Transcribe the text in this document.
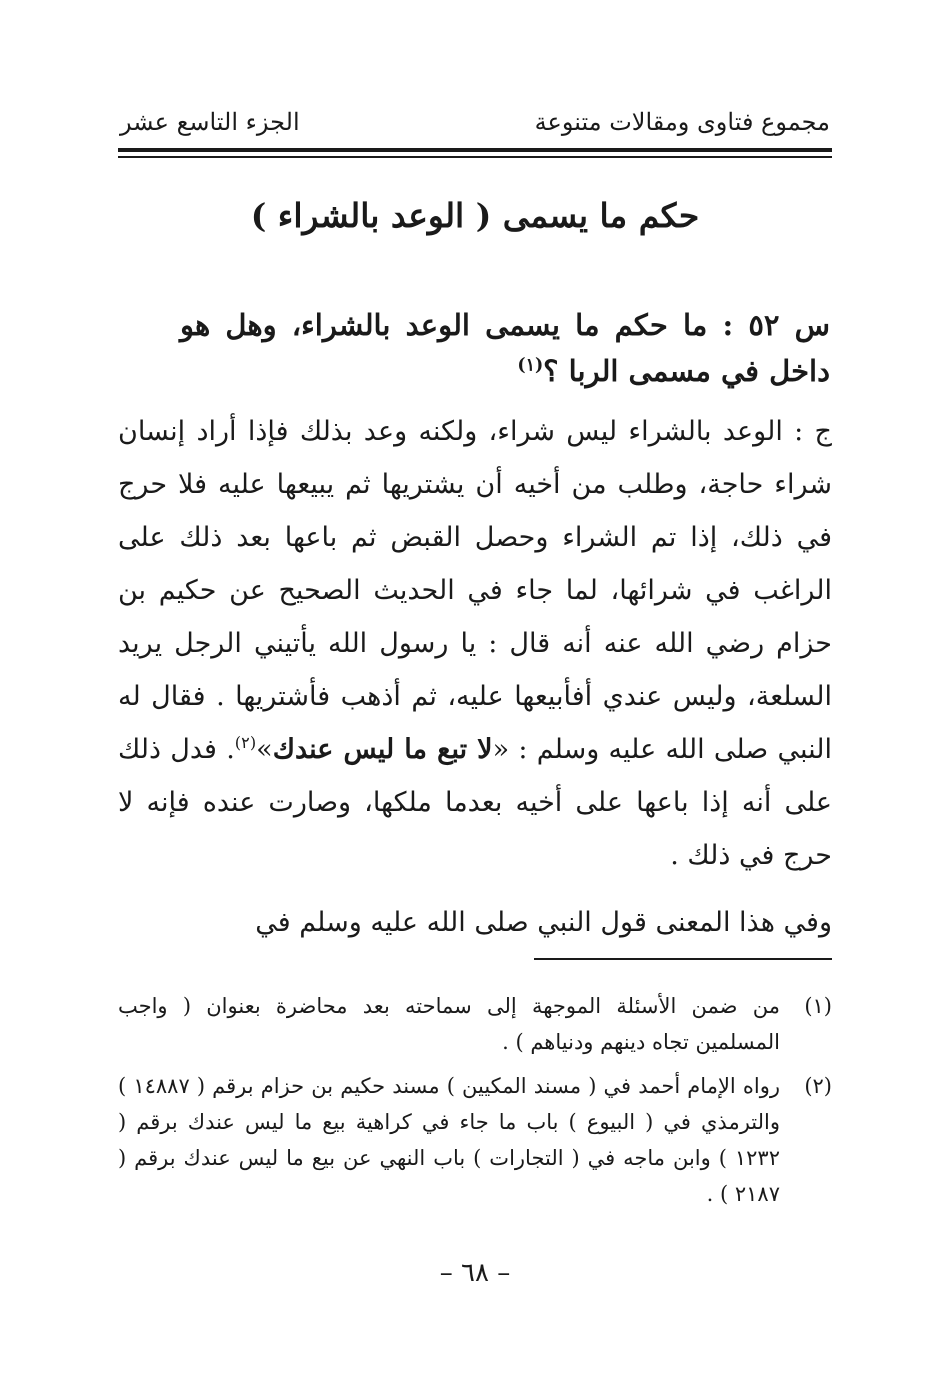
مجموع فتاوى ومقالات متنوعة
الجزء التاسع عشر
حكم ما يسمى ( الوعد بالشراء )
س ٥٢ : ما حكم ما يسمى الوعد بالشراء، وهل هو داخل في مسمى الربا ؟$^{(١)}$

ج : الوعد بالشراء ليس شراء، ولكنه وعد بذلك فإذا أراد إنسان شراء حاجة، وطلب من أخيه أن يشتريها ثم يبيعها عليه فلا حرج في ذلك، إذا تم الشراء وحصل القبض ثم باعها بعد ذلك على الراغب في شرائها، لما جاء في الحديث الصحيح عن حكيم بن حزام رضي الله عنه أنه قال : يا رسول الله يأتيني الرجل يريد السلعة، وليس عندي أفأبيعها عليه، ثم أذهب فأشتريها . فقال له النبي صلى الله عليه وسلم : «لا تبع ما ليس عندك»$^{(٢)}$. فدل ذلك على أنه إذا باعها على أخيه بعدما ملكها، وصارت عنده فإنه لا حرج في ذلك .

وفي هذا المعنى قول النبي صلى الله عليه وسلم في

(١)
من ضمن الأسئلة الموجهة إلى سماحته بعد محاضرة بعنوان ( واجب المسلمين تجاه دينهم ودنياهم ) .
(٢)
رواه الإمام أحمد في ( مسند المكيين ) مسند حكيم بن حزام برقم ( ١٤٨٨٧ ) والترمذي في ( البيوع ) باب ما جاء في كراهية بيع ما ليس عندك برقم ( ١٢٣٢ ) وابن ماجه في ( التجارات ) باب النهي عن بيع ما ليس عندك برقم ( ٢١٨٧ ) .
– ٦٨ –
